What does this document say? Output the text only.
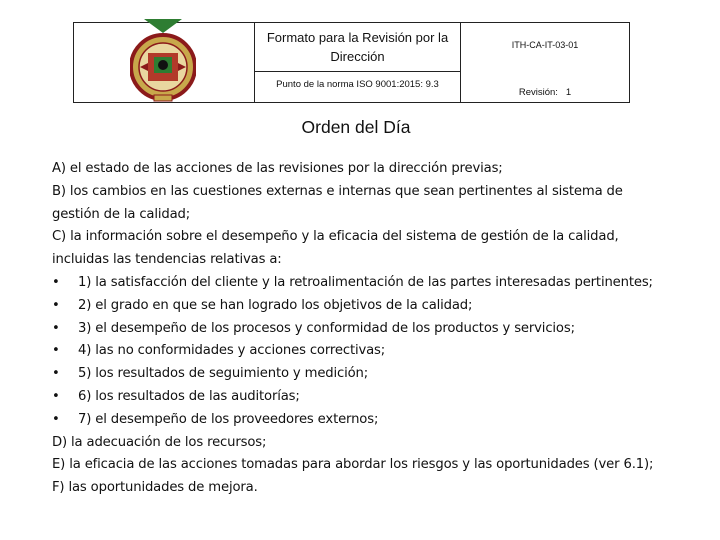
Formato para la Revisión por la
Dirección
Punto de la norma ISO 9001:2015: 9.3
ITH-CA-IT-03-01
Revisión: 1
Orden del Día
A) el estado de las acciones de las revisiones por la dirección previas;
B) los cambios en las cuestiones externas e internas que sean pertinentes al sistema de
gestión de la calidad;
C) la información sobre el desempeño y la eficacia del sistema de gestión de la calidad,
incluidas las tendencias relativas a:
•	1) la satisfacción del cliente y la retroalimentación de las partes interesadas pertinentes;
•	2) el grado en que se han logrado los objetivos de la calidad;
•	3) el desempeño de los procesos y conformidad de los productos y servicios;
•	4) las no conformidades y acciones correctivas;
•	5) los resultados de seguimiento y medición;
•	6) los resultados de las auditorías;
•	7) el desempeño de los proveedores externos;
D) la adecuación de los recursos;
E) la eficacia de las acciones tomadas para abordar los riesgos y las oportunidades (ver 6.1);
F) las oportunidades de mejora.
